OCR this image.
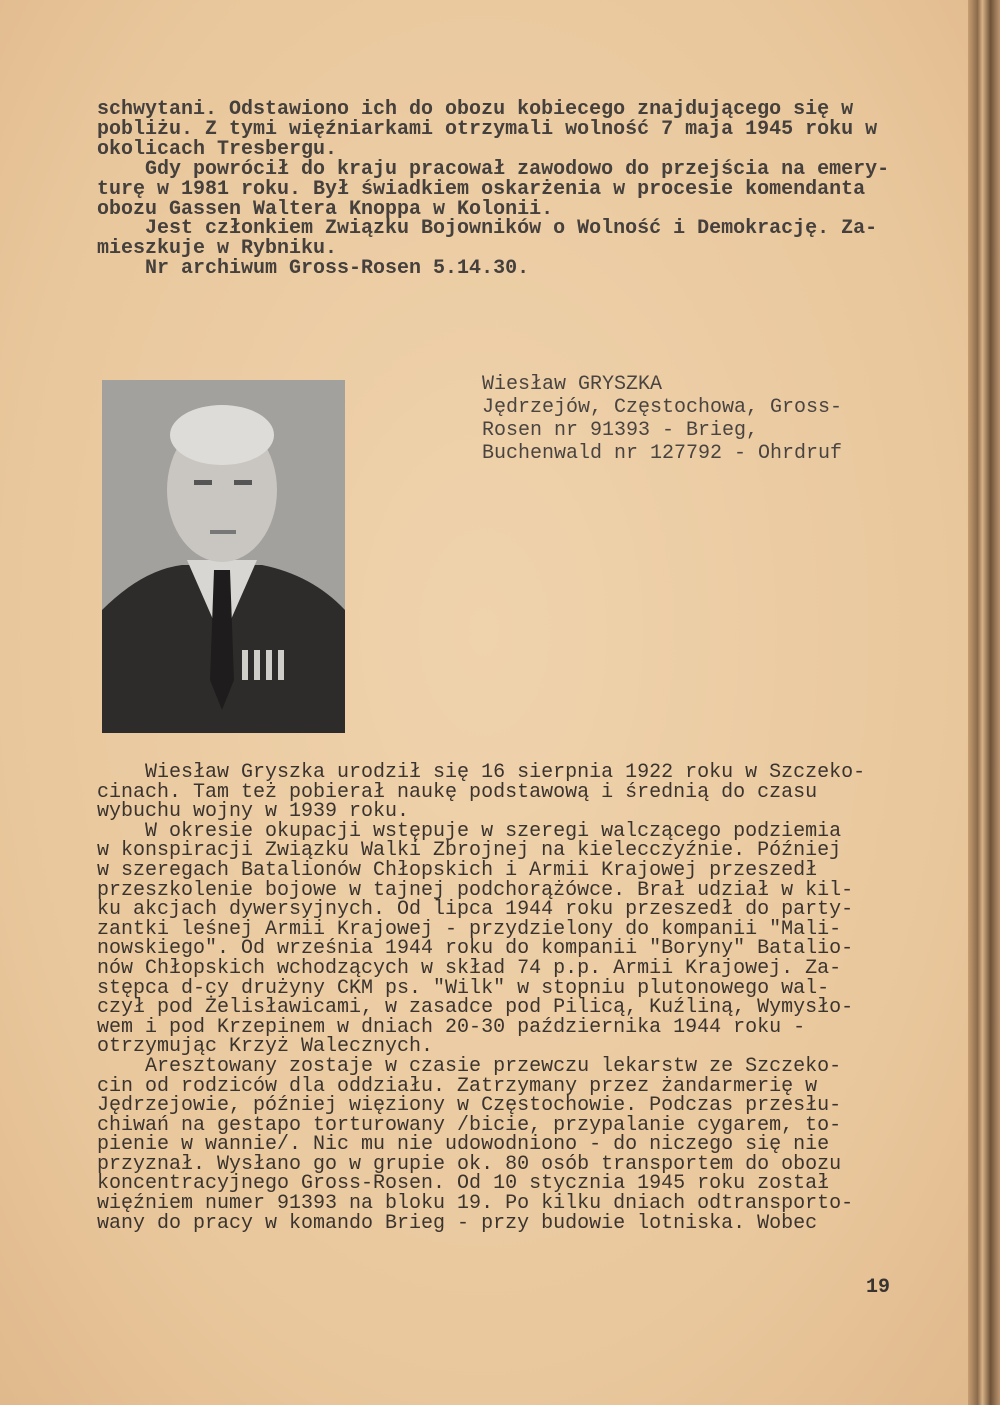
schwytani. Odstawiono ich do obozu kobiecego znajdującego się w
pobliżu. Z tymi więźniarkami otrzymali wolność 7 maja 1945 roku w
okolicach Tresbergu.
Gdy powrócił do kraju pracował zawodowo do przejścia na emery-
turę w 1981 roku. Był świadkiem oskarżenia w procesie komendanta
obozu Gassen Waltera Knoppa w Kolonii.
Jest członkiem Związku Bojowników o Wolność i Demokrację. Za-
mieszkuje w Rybniku.
Nr archiwum Gross-Rosen 5.14.30.
Wiesław GRYSZKA
Jędrzejów, Częstochowa, Gross-
Rosen nr 91393 - Brieg,
Buchenwald nr 127792 - Ohrdruf
Wiesław Gryszka urodził się 16 sierpnia 1922 roku w Szczeko-
cinach. Tam też pobierał naukę podstawową i średnią do czasu
wybuchu wojny w 1939 roku.
W okresie okupacji wstępuje w szeregi walczącego podziemia
w konspiracji Związku Walki Zbrojnej na kielecczyźnie. Później
w szeregach Batalionów Chłopskich i Armii Krajowej przeszedł
przeszkolenie bojowe w tajnej podchorążówce. Brał udział w kil-
ku akcjach dywersyjnych. Od lipca 1944 roku przeszedł do party-
zantki leśnej Armii Krajowej - przydzielony do kompanii "Mali-
nowskiego". Od września 1944 roku do kompanii "Boryny" Batalio-
nów Chłopskich wchodzących w skład 74 p.p. Armii Krajowej. Za-
stępca d-cy drużyny CKM ps. "Wilk" w stopniu plutonowego wal-
czył pod Żelisławicami, w zasadce pod Pilicą, Kuźliną, Wymysło-
wem i pod Krzepinem w dniach 20-30 października 1944 roku -
otrzymując Krzyż Walecznych.
Aresztowany zostaje w czasie przewczu lekarstw ze Szczeko-
cin od rodziców dla oddziału. Zatrzymany przez żandarmerię w
Jędrzejowie, później więziony w Częstochowie. Podczas przesłu-
chiwań na gestapo torturowany /bicie, przypalanie cygarem, to-
pienie w wannie/. Nic mu nie udowodniono - do niczego się nie
przyznał. Wysłano go w grupie ok. 80 osób transportem do obozu
koncentracyjnego Gross-Rosen. Od 10 stycznia 1945 roku został
więźniem numer 91393 na bloku 19. Po kilku dniach odtransporto-
wany do pracy w komando Brieg - przy budowie lotniska. Wobec
19
